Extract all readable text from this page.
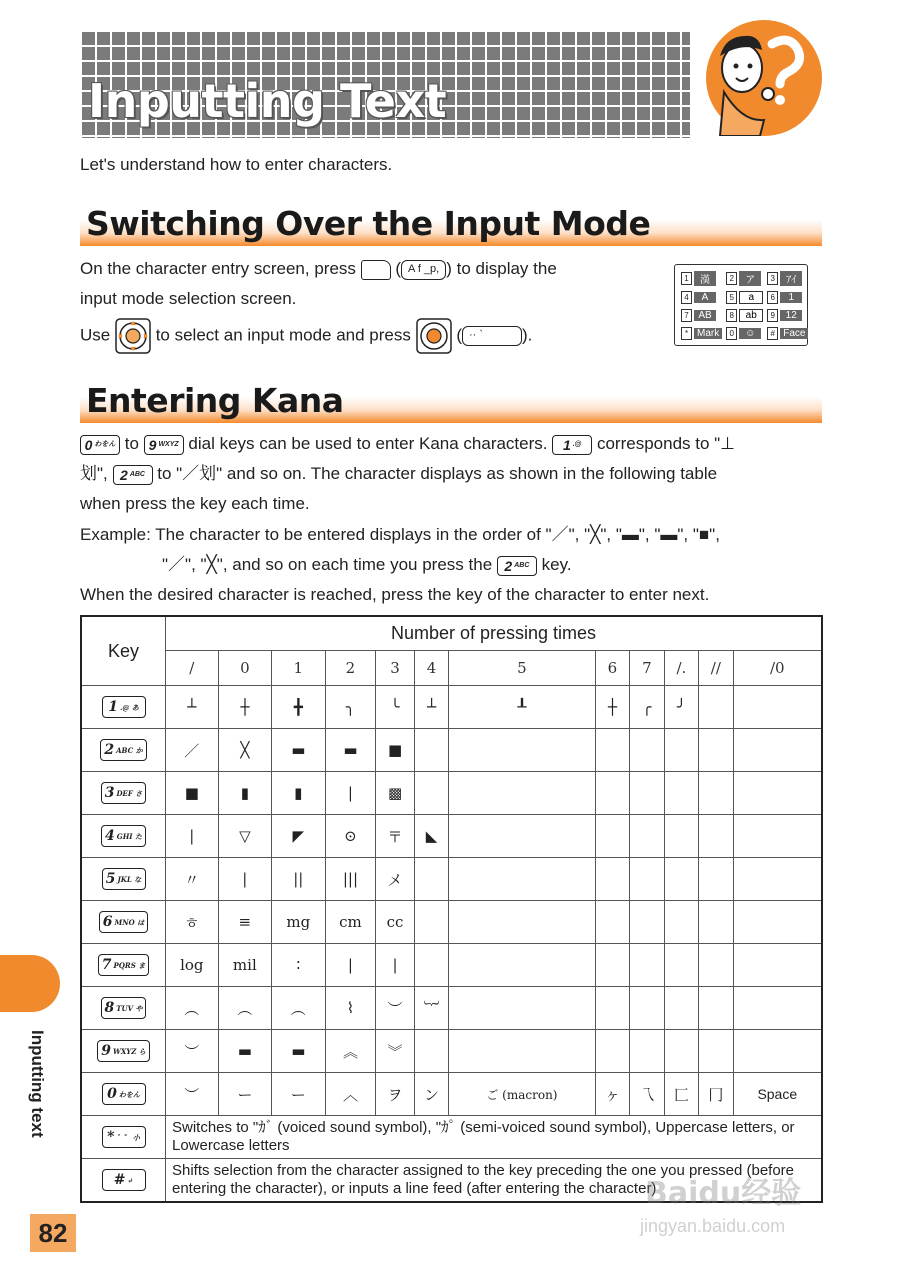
Inputting Text

Let's understand how to enter characters.

Switching Over the Input Mode

On the character entry screen, press  ( A f _p, ) to display the

input mode selection screen.

Use	to select an input mode and press  ( ·· ` ).

1	漢	2	ア	3	ｱｲ
4	A	5	a	6	1
7 AB	8	ab	9	12
* Mark	0	☺	# Face
Entering Kana

0 わをん to 9 WXYZ dial keys can be used to enter Kana characters. 1 .@ corresponds to "⊥

划", 2 ABC to "／划" and so on. The character displays as shown in the following table

when press the key each time.

Example: The character to be entered displays in the order of "／", "╳", "▬", "▬", "■",

"／", "╳", and so on each time you press the 2 ABC key.

When the desired character is reached, press the key of the character to enter next.

Key	Number of pressing times											
	/	0	1	2	3	4	5	6	7	/.	//	/0

1 .@ あ	┴	┼	╋	╮	╰	┴	┸	┼	╭	╯		

2 ABC か	／	╳	▬	▬	■							

3 DEF さ	■	▮	▮	|	▩							

4 GHI た	|	▽	◤	⊙	〒	◣						

5 JKL な	〃	|	||	|||	メ							

6 MNO は	ㅎ	≡	mg	cm	cc							

7 PQRS ま	log	mil	∶	|	|							

8 TUV や	︵	︵	︵	⌇	︶	︸						

9 WXYZ ら	︶	▬	▬	︽	︾							

0 わをん	︶	ー	ー	︿	ヲ	ン	ご (macron)	ヶ	乁	匚	冂	Space

* ゛゜ 小	Switches to "ｶﾞ (voiced sound symbol), "ｶﾟ (semi-voiced sound symbol), Uppercase letters, or Lowercase letters											

# ↵	Shifts selection from the character assigned to the key preceding the one you pressed (before entering the character), or inputs a line feed (after entering the character)											
Inputting text
82
Baidu经验
jingyan.baidu.com
